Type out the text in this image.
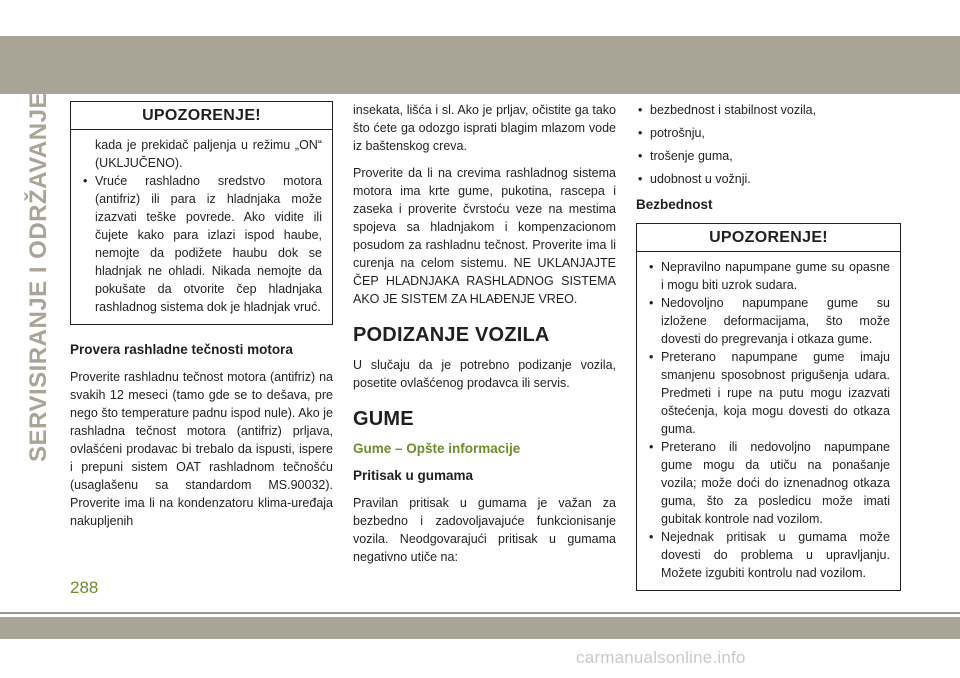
SERVISIRANJE I ODRŽAVANJE	UPOZORENJE!
kada je prekidač paljenja u režimu „ON“ (UKLJUČENO).
• Vruće rashladno sredstvo motora (antifriz) ili para iz hladnjaka može izazvati teške povrede. Ako vidite ili čujete kako para izlazi ispod haube, nemojte da podižete haubu dok se hladnjak ne ohladi. Nikada nemojte da pokušate da otvorite čep hladnjaka rashladnog sistema dok je hladnjak vruć.
Provera rashladne tečnosti motora

Proverite rashladnu tečnost motora (antifriz) na svakih 12 meseci (tamo gde se to dešava, pre nego što temperature padnu ispod nule). Ako je rashladna tečnost motora (antifriz) prljava, ovlašćeni prodavac bi trebalo da ispusti, ispere i prepuni sistem OAT rashladnom tečnošću (usaglašenu sa standardom MS.90032). Proverite ima li na kondenzatoru klima-uređaja nakupljenih

insekata, lišća i sl. Ako je prljav, očistite ga tako što ćete ga odozgo isprati blagim mlazom vode iz baštenskog creva.

Proverite da li na crevima rashladnog sistema motora ima krte gume, pukotina, rascepa i zaseka i proverite čvrstoću veze na mestima spojeva sa hladnjakom i kompenzacionom posudom za rashladnu tečnost. Proverite ima li curenja na celom sistemu. NE UKLANJAJTE ČEP HLADNJAKA RASHLADNOG SISTEMA AKO JE SISTEM ZA HLAĐENJE VREO.

PODIZANJE VOZILA

U slučaju da je potrebno podizanje vozila, posetite ovlašćenog prodavca ili servis.

GUME
Gume – Opšte informacije
Pritisak u gumama

Pravilan pritisak u gumama je važan za bezbedno i zadovoljavajuće funkcionisanje vozila. Neodgovarajući pritisak u gumama negativno utiče na:

• bezbednost i stabilnost vozila,
• potrošnju,
• trošenje guma,
• udobnost u vožnji.
Bezbednost
UPOZORENJE!
• Nepravilno napumpane gume su opasne i mogu biti uzrok sudara.
• Nedovoljno napumpane gume su izložene deformacijama, što može dovesti do pregrevanja i otkaza gume.
• Preterano napumpane gume imaju smanjenu sposobnost prigušenja udara. Predmeti i rupe na putu mogu izazvati oštećenja, koja mogu dovesti do otkaza guma.
• Preterano ili nedovoljno napumpane gume mogu da utiču na ponašanje vozila; može doći do iznenadnog otkaza guma, što za posledicu može imati gubitak kontrole nad vozilom.
• Nejednak pritisak u gumama može dovesti do problema u upravljanju. Možete izgubiti kontrolu nad vozilom.
288
carmanualsonline.info
